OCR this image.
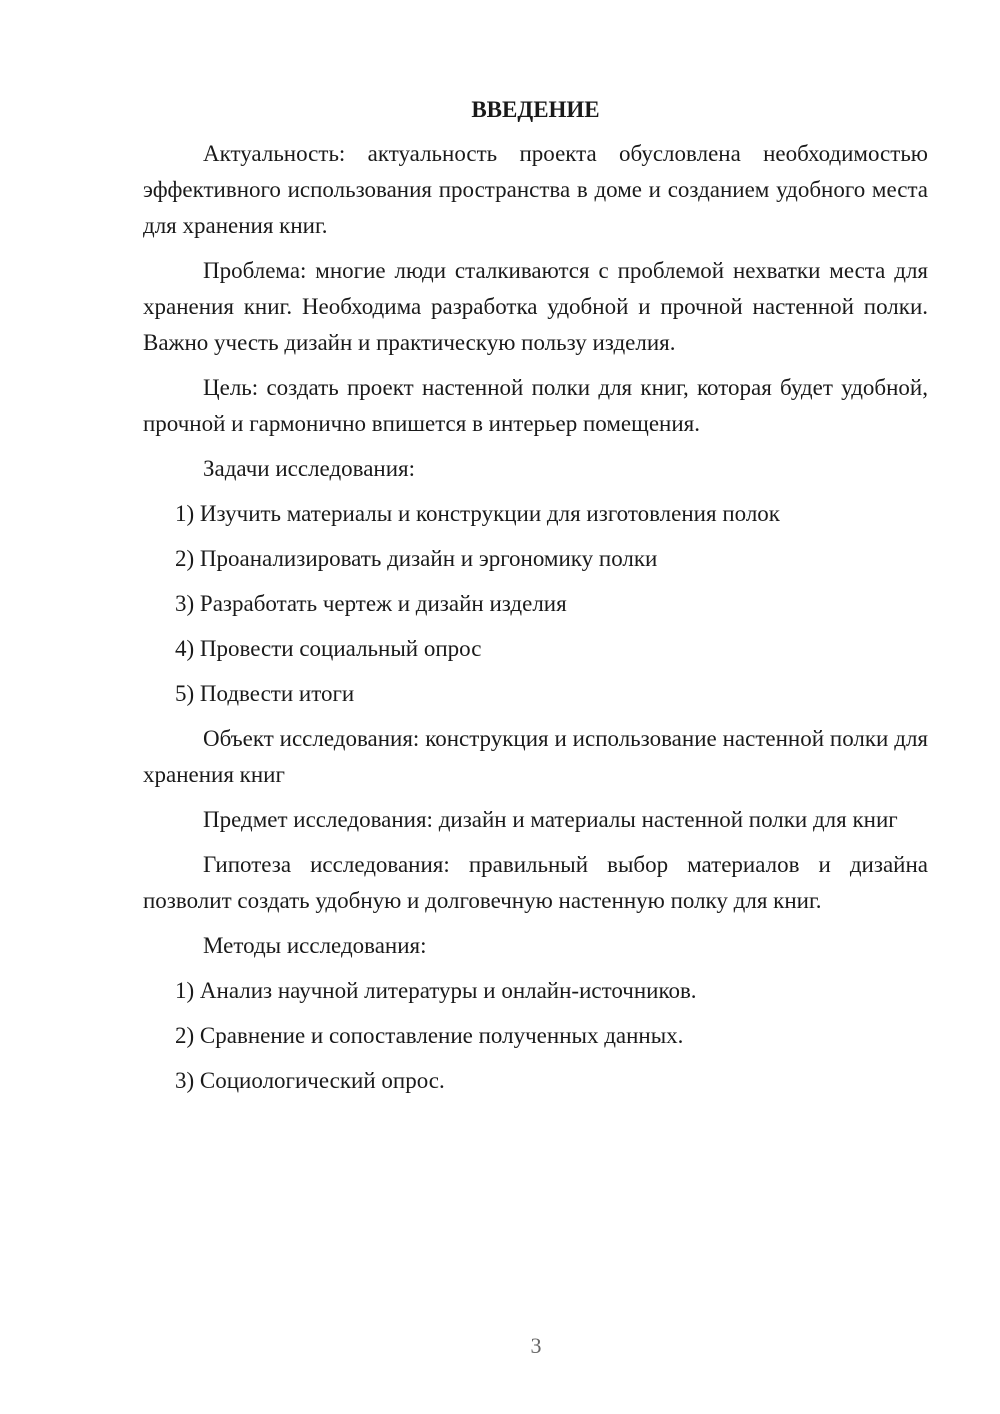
ВВЕДЕНИЕ

Актуальность: актуальность проекта обусловлена необходимостью эффективного использования пространства в доме и созданием удобного места для хранения книг.

Проблема: многие люди сталкиваются с проблемой нехватки места для хранения книг. Необходима разработка удобной и прочной настенной полки. Важно учесть дизайн и практическую пользу изделия.

Цель: создать проект настенной полки для книг, которая будет удобной, прочной и гармонично впишется в интерьер помещения.

Задачи исследования:

1) Изучить материалы и конструкции для изготовления полок
2) Проанализировать дизайн и эргономику полки
3) Разработать чертеж и дизайн изделия
4) Провести социальный опрос
5) Подвести итоги

Объект исследования: конструкция и использование настенной полки для хранения книг

Предмет исследования: дизайн и материалы настенной полки для книг

Гипотеза исследования: правильный выбор материалов и дизайна позволит создать удобную и долговечную настенную полку для книг.

Методы исследования:

1) Анализ научной литературы и онлайн-источников.
2) Сравнение и сопоставление полученных данных.
3) Социологический опрос.
3
